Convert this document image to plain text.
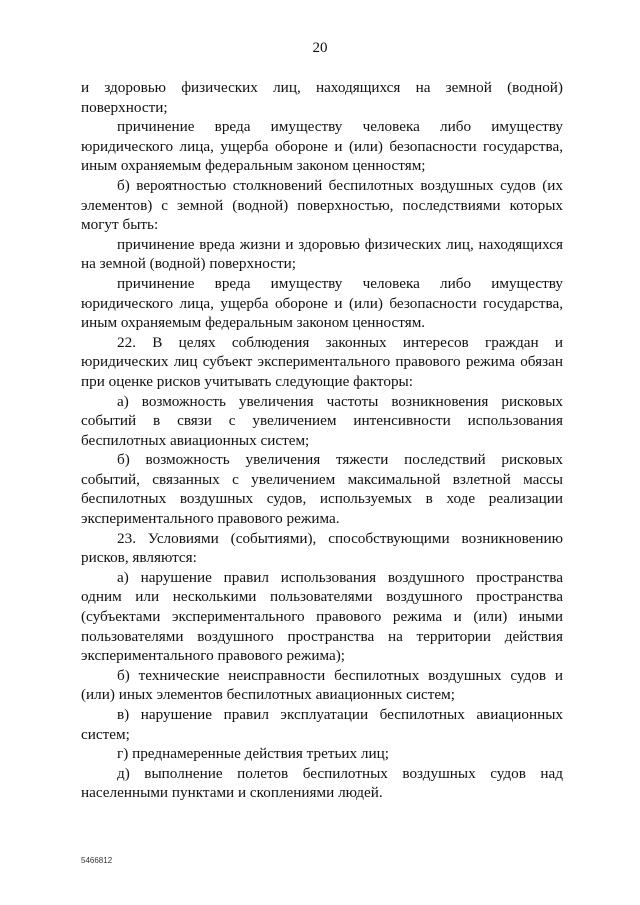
20

и здоровью физических лиц, находящихся на земной (водной) поверхности;

причинение вреда имуществу человека либо имуществу юридического лица, ущерба обороне и (или) безопасности государства, иным охраняемым федеральным законом ценностям;

б) вероятностью столкновений беспилотных воздушных судов (их элементов) с земной (водной) поверхностью, последствиями которых могут быть:

причинение вреда жизни и здоровью физических лиц, находящихся на земной (водной) поверхности;

причинение вреда имуществу человека либо имуществу юридического лица, ущерба обороне и (или) безопасности государства, иным охраняемым федеральным законом ценностям.

22. В целях соблюдения законных интересов граждан и юридических лиц субъект экспериментального правового режима обязан при оценке рисков учитывать следующие факторы:

а) возможность увеличения частоты возникновения рисковых событий в связи с увеличением интенсивности использования беспилотных авиационных систем;

б) возможность увеличения тяжести последствий рисковых событий, связанных с увеличением максимальной взлетной массы беспилотных воздушных судов, используемых в ходе реализации экспериментального правового режима.

23. Условиями (событиями), способствующими возникновению рисков, являются:

а) нарушение правил использования воздушного пространства одним или несколькими пользователями воздушного пространства (субъектами экспериментального правового режима и (или) иными пользователями воздушного пространства на территории действия экспериментального правового режима);

б) технические неисправности беспилотных воздушных судов и (или) иных элементов беспилотных авиационных систем;

в) нарушение правил эксплуатации беспилотных авиационных систем;

г) преднамеренные действия третьих лиц;

д) выполнение полетов беспилотных воздушных судов над населенными пунктами и скоплениями людей.

5466812
